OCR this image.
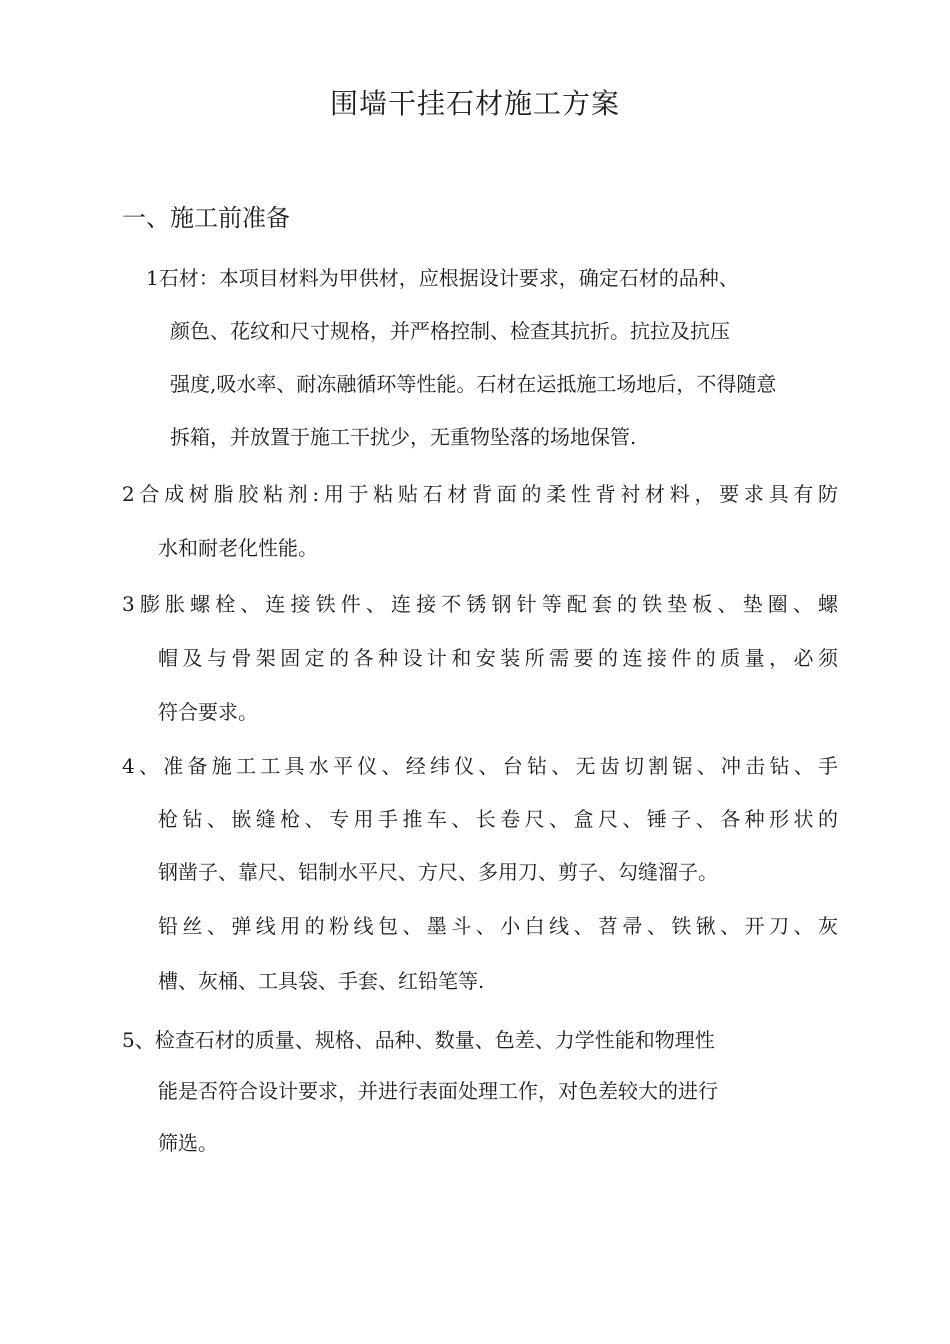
围墙干挂石材施工方案
一、施工前准备
1石材：本项目材料为甲供材，应根据设计要求，确定石材的品种、
颜色、花纹和尺寸规格，并严格控制、检查其抗折。抗拉及抗压
强度,吸水率、耐冻融循环等性能。石材在运抵施工场地后，不得随意
拆箱，并放置于施工干扰少，无重物坠落的场地保管.
2合成树脂胶粘剂:用于粘贴石材背面的柔性背衬材料，要求具有防
水和耐老化性能。
3膨胀螺栓、连接铁件、连接不锈钢针等配套的铁垫板、垫圈、螺
帽及与骨架固定的各种设计和安装所需要的连接件的质量，必须
符合要求。
4、准备施工工具水平仪、经纬仪、台钻、无齿切割锯、冲击钻、手
枪钻、嵌缝枪、专用手推车、长卷尺、盒尺、锤子、各种形状的
钢凿子、靠尺、铝制水平尺、方尺、多用刀、剪子、勾缝溜子。
铅丝、弹线用的粉线包、墨斗、小白线、苕帚、铁锹、开刀、灰
槽、灰桶、工具袋、手套、红铅笔等.
5、检查石材的质量、规格、品种、数量、色差、力学性能和物理性
能是否符合设计要求，并进行表面处理工作，对色差较大的进行
筛选。
